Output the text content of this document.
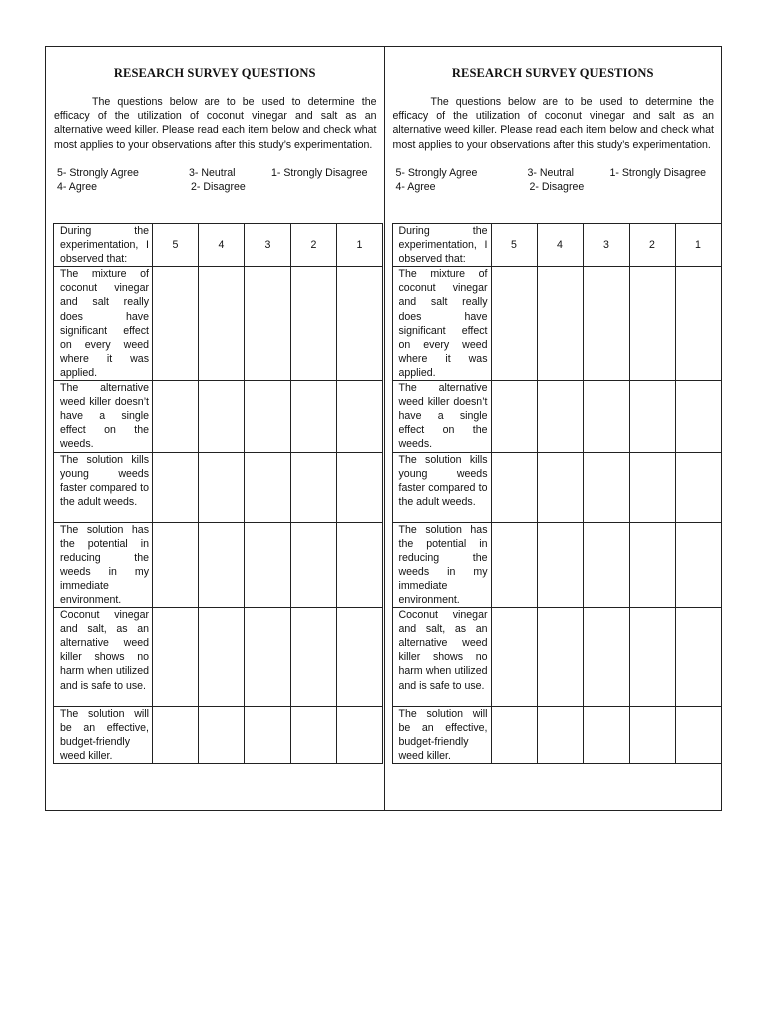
RESEARCH SURVEY QUESTIONS
The questions below are to be used to determine the efficacy of the utilization of coconut vinegar and salt as an alternative weed killer. Please read each item below and check what most applies to your observations after this study’s experimentation.
5- Strongly Agree
4- Agree
3- Neutral
2- Disagree
1- Strongly Disagree
During the experimentation, I observed that:	5	4	3	2	1
The mixture of coconut vinegar and salt really does have significant effect on every weed where it was applied.					
The alternative weed killer doesn’t have a single effect on the weeds.					
The solution kills young weeds faster compared to the adult weeds.					
The solution has the potential in reducing the weeds in my immediate environment.					
Coconut vinegar and salt, as an alternative weed killer shows no harm when utilized and is safe to use.					
The solution will be an effective, budget-friendly weed killer.					
RESEARCH SURVEY QUESTIONS
The questions below are to be used to determine the efficacy of the utilization of coconut vinegar and salt as an alternative weed killer. Please read each item below and check what most applies to your observations after this study’s experimentation.
5- Strongly Agree
4- Agree
3- Neutral
2- Disagree
1- Strongly Disagree
During the experimentation, I observed that:	5	4	3	2	1
The mixture of coconut vinegar and salt really does have significant effect on every weed where it was applied.					
The alternative weed killer doesn’t have a single effect on the weeds.					
The solution kills young weeds faster compared to the adult weeds.					
The solution has the potential in reducing the weeds in my immediate environment.					
Coconut vinegar and salt, as an alternative weed killer shows no harm when utilized and is safe to use.					
The solution will be an effective, budget-friendly weed killer.					
